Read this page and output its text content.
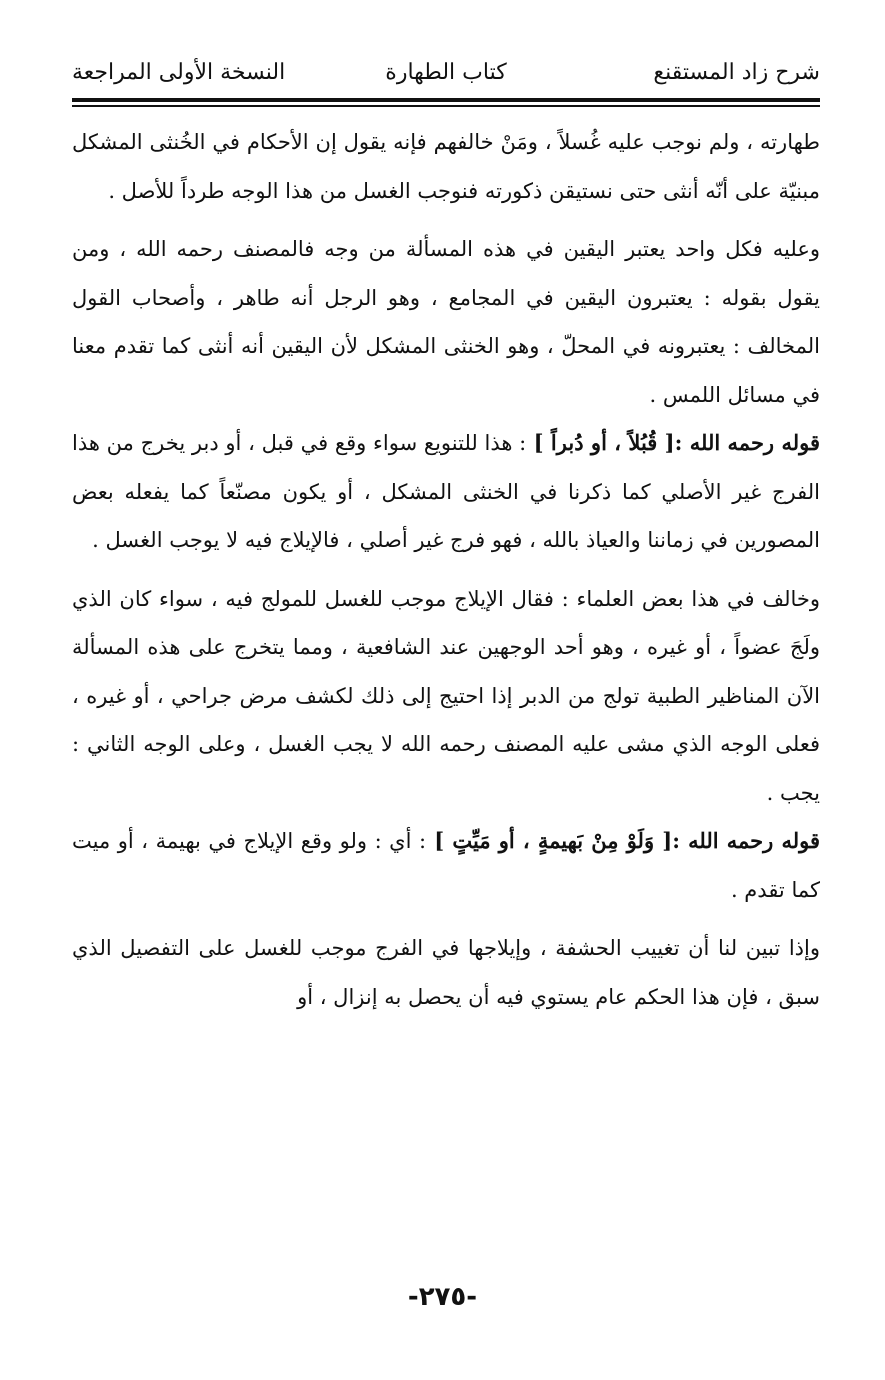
شرح زاد المستقنع
كتاب الطهارة
النسخة الأولى المراجعة

طهارته ، ولم نوجب عليه غُسلاً ، ومَنْ خالفهم فإنه يقول إن الأحكام في الخُنثى المشكل مبنيّة على أنّه أنثى حتى نستيقن ذكورته فنوجب الغسل من هذا الوجه طرداً للأصل .

وعليه فكل واحد يعتبر اليقين في هذه المسألة من وجه فالمصنف رحمه الله ، ومن يقول بقوله : يعتبرون اليقين في المجامع ، وهو الرجل أنه طاهر ، وأصحاب القول المخالف : يعتبرونه في المحلّ ، وهو الخنثى المشكل لأن اليقين أنه أنثى كما تقدم معنا في مسائل اللمس .

قوله رحمه الله :[ قُبُلاً ، أو دُبراً ] : هذا للتنويع سواء وقع في قبل ، أو دبر يخرج من هذا الفرج غير الأصلي كما ذكرنا في الخنثى المشكل ، أو يكون مصنّعاً كما يفعله بعض المصورين في زماننا والعياذ بالله ، فهو فرج غير أصلي ، فالإيلاج فيه لا يوجب الغسل .

وخالف في هذا بعض العلماء : فقال الإيلاج موجب للغسل للمولج فيه ، سواء كان الذي ولَجَ عضواً ، أو غيره ، وهو أحد الوجهين عند الشافعية ، ومما يتخرج على هذه المسألة الآن المناظير الطبية تولج من الدبر إذا احتيج إلى ذلك لكشف مرض جراحي ، أو غيره ، فعلى الوجه الذي مشى عليه المصنف رحمه الله لا يجب الغسل ، وعلى الوجه الثاني : يجب .

قوله رحمه الله :[ وَلَوْ مِنْ بَهيمةٍ ، أو مَيِّتٍ ] : أي : ولو وقع الإيلاج في بهيمة ، أو ميت كما تقدم .

وإذا تبين لنا أن تغييب الحشفة ، وإيلاجها في الفرج موجب للغسل على التفصيل الذي سبق ، فإن هذا الحكم عام يستوي فيه أن يحصل به إنزال ، أو

-٢٧٥-
